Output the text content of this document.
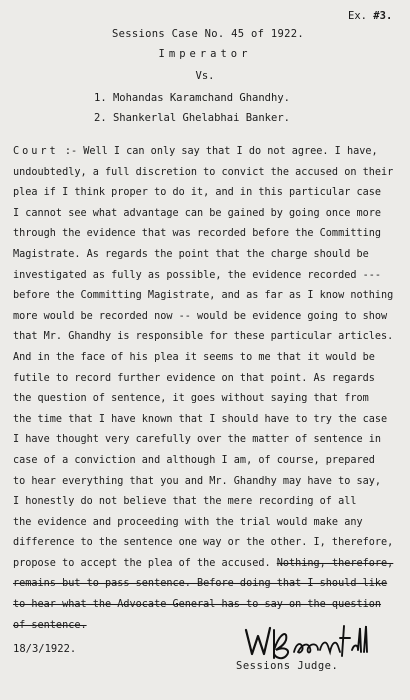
Ex. #3.
Sessions Case No. 45 of 1922.
Imperator
Vs.
1. Mohandas Karamchand Ghandhy.
2. Shankerlal Ghelabhai Banker.
Court :- Well I can only say that I do not agree. I have,
undoubtedly, a full discretion to convict the accused on their
plea if I think proper to do it, and in this particular case
I cannot see what advantage can be gained by going once more
through the evidence that was recorded before the Committing
Magistrate. As regards the point that the charge should be
investigated as fully as possible, the evidence recorded ---
before the Committing Magistrate, and as far as I know nothing
more would be recorded now -- would be evidence going to show
that Mr. Ghandhy is responsible for these particular articles.
And in the face of his plea it seems to me that it would be
futile to record further evidence on that point. As regards
the question of sentence, it goes without saying that from
the time that I have known that I should have to try the case
I have thought very carefully over the matter of sentence in
case of a conviction and although I am, of course, prepared
to hear everything that you and Mr. Ghandhy may have to say,
I honestly do not believe that the mere recording of all
the evidence and proceeding with the trial would make any
difference to the sentence one way or the other. I, therefore,
propose to accept the plea of the accused. Nothing, therefore,
remains but to pass sentence. Before doing that I should like
to hear what the Advocate General has to say on the question
of sentence.
18/3/1922.
Sessions Judge.
